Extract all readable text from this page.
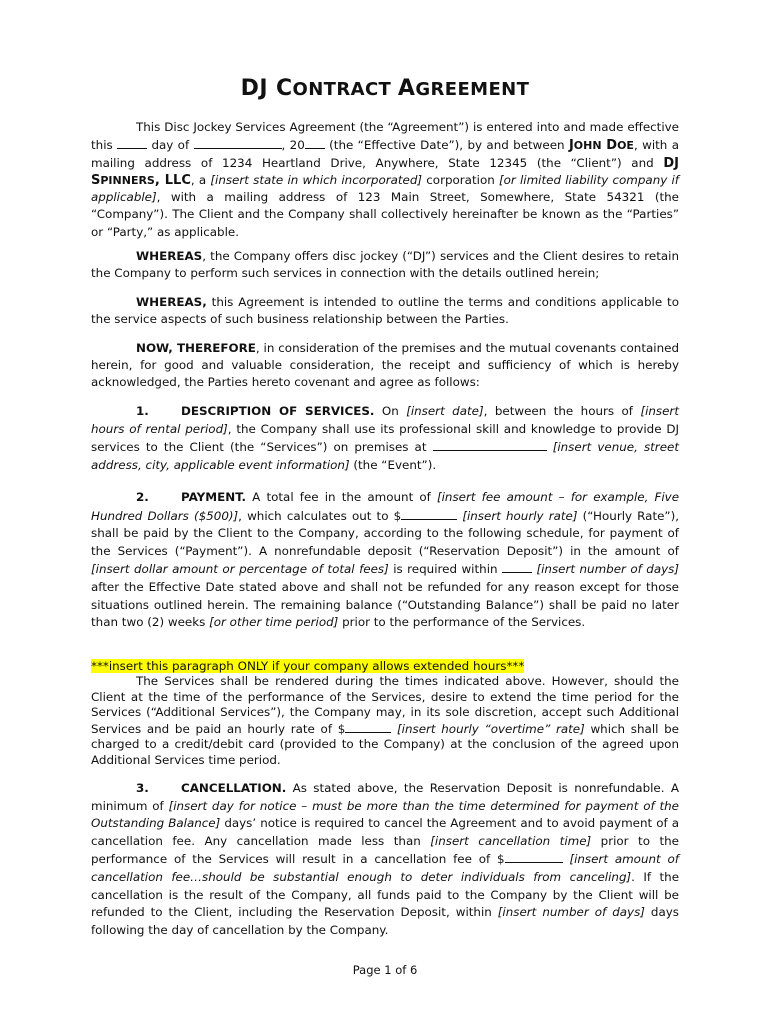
DJ CONTRACT AGREEMENT

This Disc Jockey Services Agreement (the “Agreement”) is entered into and made effective this	day of	, 20 (the “Effective Date”), by and between JOHN DOE, with a mailing address of 1234 Heartland Drive, Anywhere, State 12345 (the “Client”) and DJ SPINNERS, LLC, a [insert state in which incorporated] corporation [or limited liability company if applicable], with a mailing address of 123 Main Street, Somewhere, State 54321 (the “Company”). The Client and the Company shall collectively hereinafter be known as the “Parties” or “Party,” as applicable.

WHEREAS, the Company offers disc jockey (“DJ”) services and the Client desires to retain the Company to perform such services in connection with the details outlined herein;

WHEREAS, this Agreement is intended to outline the terms and conditions applicable to the service aspects of such business relationship between the Parties.

NOW, THEREFORE, in consideration of the premises and the mutual covenants contained herein, for good and valuable consideration, the receipt and sufficiency of which is hereby acknowledged, the Parties hereto covenant and agree as follows:

1.	DESCRIPTION OF SERVICES. On [insert date], between the hours of [insert hours of rental period], the Company shall use its professional skill and knowledge to provide DJ services to the Client (the “Services”) on premises at	[insert venue, street address, city, applicable event information] (the “Event”).

2.	PAYMENT. A total fee in the amount of [insert fee amount – for example, Five Hundred Dollars ($500)], which calculates out to $	[insert hourly rate] (“Hourly Rate”), shall be paid by the Client to the Company, according to the following schedule, for payment of the Services (“Payment”). A nonrefundable deposit (“Reservation Deposit”) in the amount of [insert dollar amount or percentage of total fees] is required within	[insert number of days] after the Effective Date stated above and shall not be refunded for any reason except for those situations outlined herein. The remaining balance (“Outstanding Balance”) shall be paid no later than two (2) weeks [or other time period] prior to the performance of the Services.

***insert this paragraph ONLY if your company allows extended hours***

The Services shall be rendered during the times indicated above. However, should the Client at the time of the performance of the Services, desire to extend the time period for the Services (“Additional Services”), the Company may, in its sole discretion, accept such Additional Services and be paid an hourly rate of $	[insert hourly “overtime” rate] which shall be charged to a credit/debit card (provided to the Company) at the conclusion of the agreed upon Additional Services time period.

3.	CANCELLATION. As stated above, the Reservation Deposit is nonrefundable. A minimum of [insert day for notice – must be more than the time determined for payment of the Outstanding Balance] days’ notice is required to cancel the Agreement and to avoid payment of a cancellation fee. Any cancellation made less than [insert cancellation time] prior to the performance of the Services will result in a cancellation fee of $	[insert amount of cancellation fee…should be substantial enough to deter individuals from canceling]. If the cancellation is the result of the Company, all funds paid to the Company by the Client will be refunded to the Client, including the Reservation Deposit, within [insert number of days] days following the day of cancellation by the Company.

Page 1 of 6
